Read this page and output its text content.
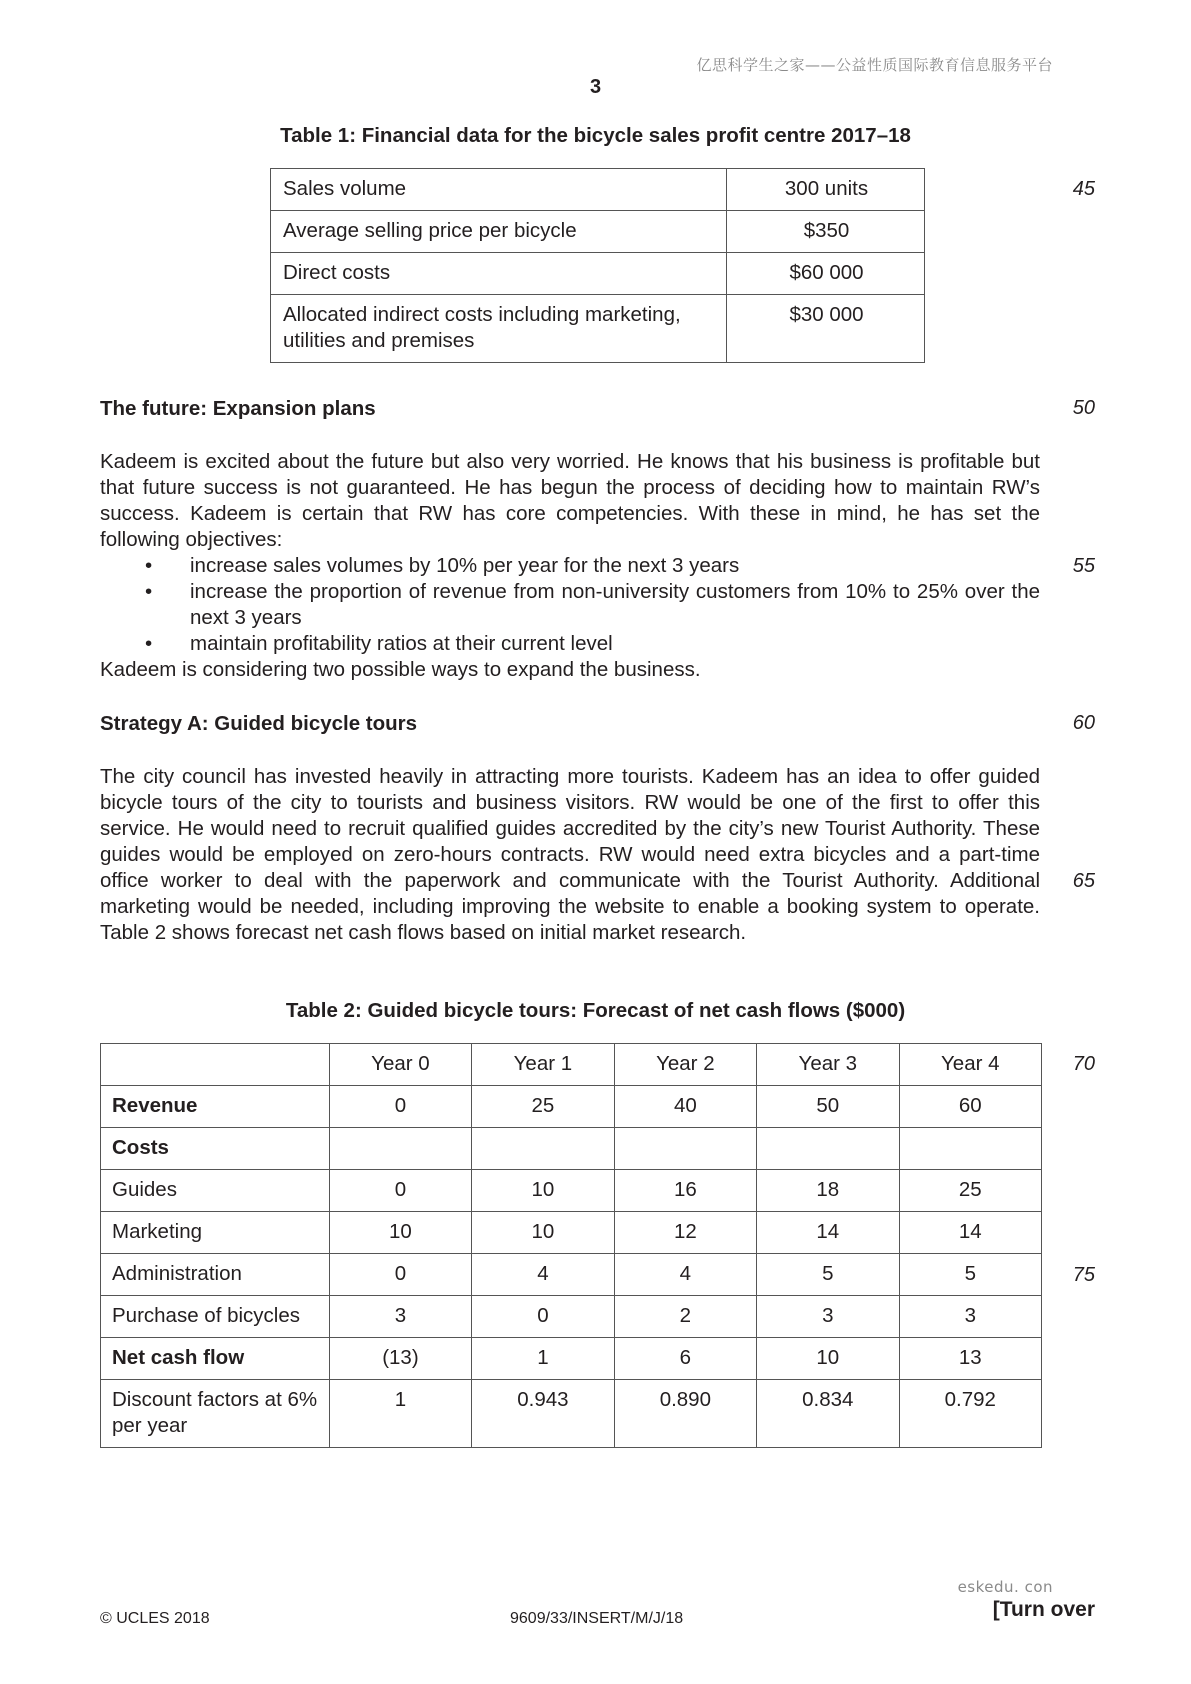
亿思科学生之家——公益性质国际教育信息服务平台
3
Table 1: Financial data for the bicycle sales profit centre 2017–18
Sales volume	300 units
Average selling price per bicycle	$350
Direct costs	$60 000
Allocated indirect costs including marketing, utilities and premises	$30 000
45
50
55
60
65
70
75
The future: Expansion plans

Kadeem is excited about the future but also very worried. He knows that his business is profitable but that future success is not guaranteed. He has begun the process of deciding how to maintain RW’s success. Kadeem is certain that RW has core competencies. With these in mind, he has set the following objectives:

• increase sales volumes by 10% per year for the next 3 years
• increase the proportion of revenue from non-university customers from 10% to 25% over the next 3 years
• maintain profitability ratios at their current level

Kadeem is considering two possible ways to expand the business.

Strategy A: Guided bicycle tours

The city council has invested heavily in attracting more tourists. Kadeem has an idea to offer guided bicycle tours of the city to tourists and business visitors. RW would be one of the first to offer this service. He would need to recruit qualified guides accredited by the city’s new Tourist Authority. These guides would be employed on zero-hours contracts. RW would need extra bicycles and a part-time office worker to deal with the paperwork and communicate with the Tourist Authority. Additional marketing would be needed, including improving the website to enable a booking system to operate. Table 2 shows forecast net cash flows based on initial market research.

Table 2: Guided bicycle tours: Forecast of net cash flows ($000)
	Year 0	Year 1	Year 2	Year 3	Year 4
Revenue	0	25	40	50	60
Costs					
Guides	0	10	16	18	25
Marketing	10	10	12	14	14
Administration	0	4	4	5	5
Purchase of bicycles	3	0	2	3	3
Net cash flow	(13)	1	6	10	13
Discount factors at 6% per year	1	0.943	0.890	0.834	0.792
eskedu. con
© UCLES 2018	9609/33/INSERT/M/J/18	[Turn over
